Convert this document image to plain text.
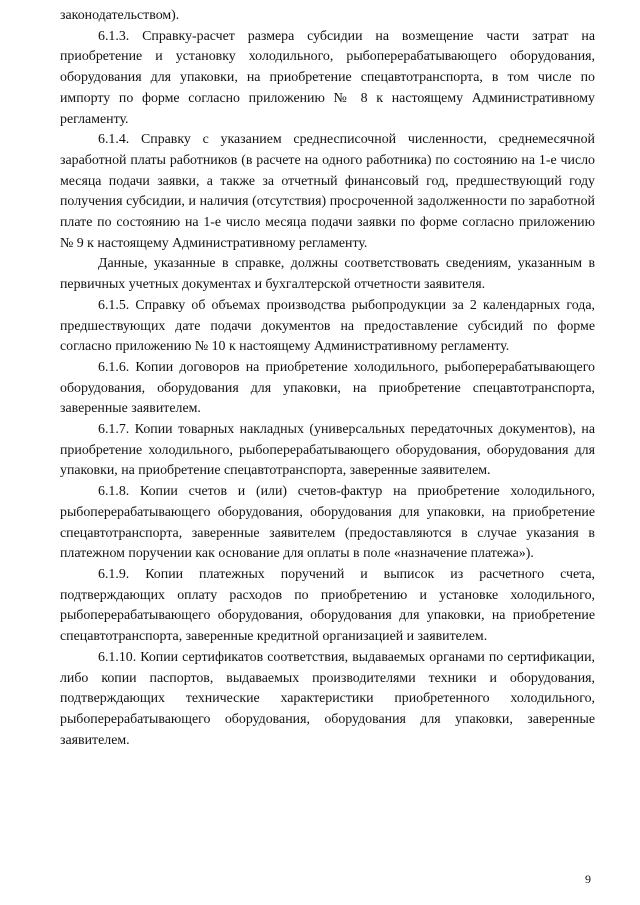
законодательством).

6.1.3. Справку-расчет размера субсидии на возмещение части затрат на приобретение и установку холодильного, рыбоперерабатывающего оборудования, оборудования для упаковки, на приобретение спецавтотранспорта, в том числе по импорту по форме согласно приложению № 8 к настоящему Административному регламенту.

6.1.4. Справку с указанием среднесписочной численности, среднемесячной заработной платы работников (в расчете на одного работника) по состоянию на 1-е число месяца подачи заявки, а также за отчетный финансовый год, предшествующий году получения субсидии, и наличия (отсутствия) просроченной задолженности по заработной плате по состоянию на 1-е число месяца подачи заявки по форме согласно приложению № 9 к настоящему Административному регламенту.

Данные, указанные в справке, должны соответствовать сведениям, указанным в первичных учетных документах и бухгалтерской отчетности заявителя.

6.1.5. Справку об объемах производства рыбопродукции за 2 календарных года, предшествующих дате подачи документов на предоставление субсидий по форме согласно приложению № 10 к настоящему Административному регламенту.

6.1.6. Копии договоров на приобретение холодильного, рыбоперерабатывающего оборудования, оборудования для упаковки, на приобретение спецавтотранспорта, заверенные заявителем.

6.1.7. Копии товарных накладных (универсальных передаточных документов), на приобретение холодильного, рыбоперерабатывающего оборудования, оборудования для упаковки, на приобретение спецавтотранспорта, заверенные заявителем.

6.1.8. Копии счетов и (или) счетов-фактур на приобретение холодильного, рыбоперерабатывающего оборудования, оборудования для упаковки, на приобретение спецавтотранспорта, заверенные заявителем (предоставляются в случае указания в платежном поручении как основание для оплаты в поле «назначение платежа»).

6.1.9. Копии платежных поручений и выписок из расчетного счета, подтверждающих оплату расходов по приобретению и установке холодильного, рыбоперерабатывающего оборудования, оборудования для упаковки, на приобретение спецавтотранспорта, заверенные кредитной организацией и заявителем.

6.1.10. Копии сертификатов соответствия, выдаваемых органами по сертификации, либо копии паспортов, выдаваемых производителями техники и оборудования, подтверждающих технические характеристики приобретенного холодильного, рыбоперерабатывающего оборудования, оборудования для упаковки, заверенные заявителем.

9
